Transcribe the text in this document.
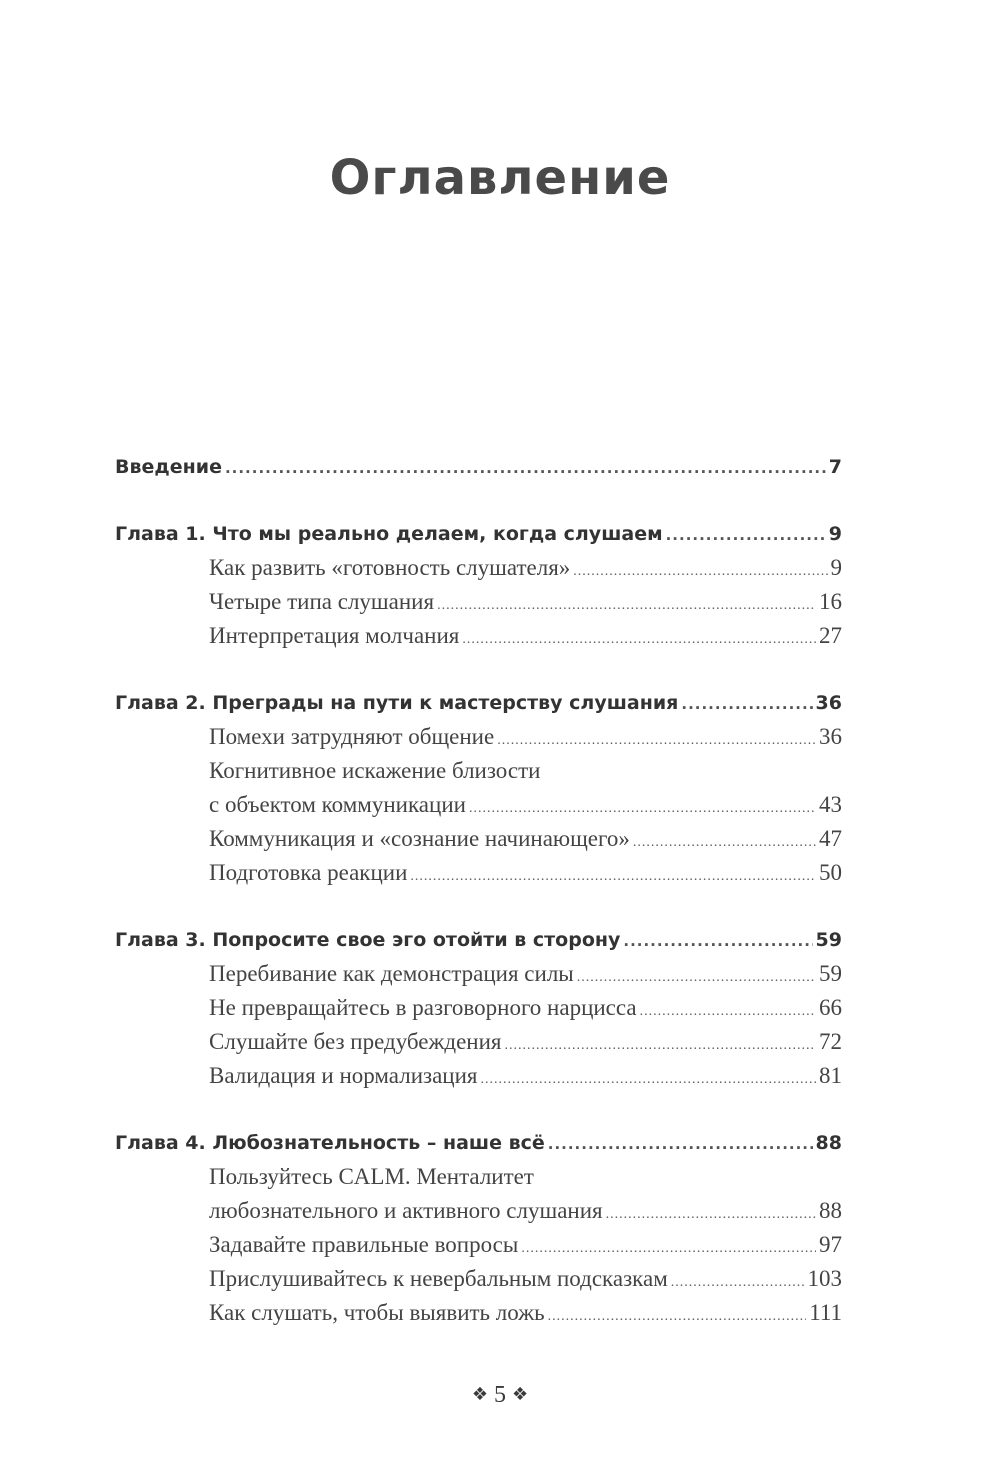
Оглавление
Введение .....	7
Глава 1. Что мы реально делаем, когда слушаем .....	9
Как развить «готовность слушателя» .....	9
Четыре типа слушания .....	16
Интерпретация молчания .....	27
Глава 2. Преграды на пути к мастерству слушания .....	36
Помехи затрудняют общение .....	36
Когнитивное искажение близости
с объектом коммуникации .....	43
Коммуникация и «сознание начинающего» .....	47
Подготовка реакции .....	50
Глава 3. Попросите свое эго отойти в сторону .....	59
Перебивание как демонстрация силы .....	59
Не превращайтесь в разговорного нарцисса .....	66
Слушайте без предубеждения .....	72
Валидация и нормализация .....	81
Глава 4. Любознательность – наше всё .....	88
Пользуйтесь CALM. Менталитет
любознательного и активного слушания .....	88
Задавайте правильные вопросы .....	97
Прислушивайтесь к невербальным подсказкам .....	103
Как слушать, чтобы выявить ложь .....	111
❖ 5 ❖
